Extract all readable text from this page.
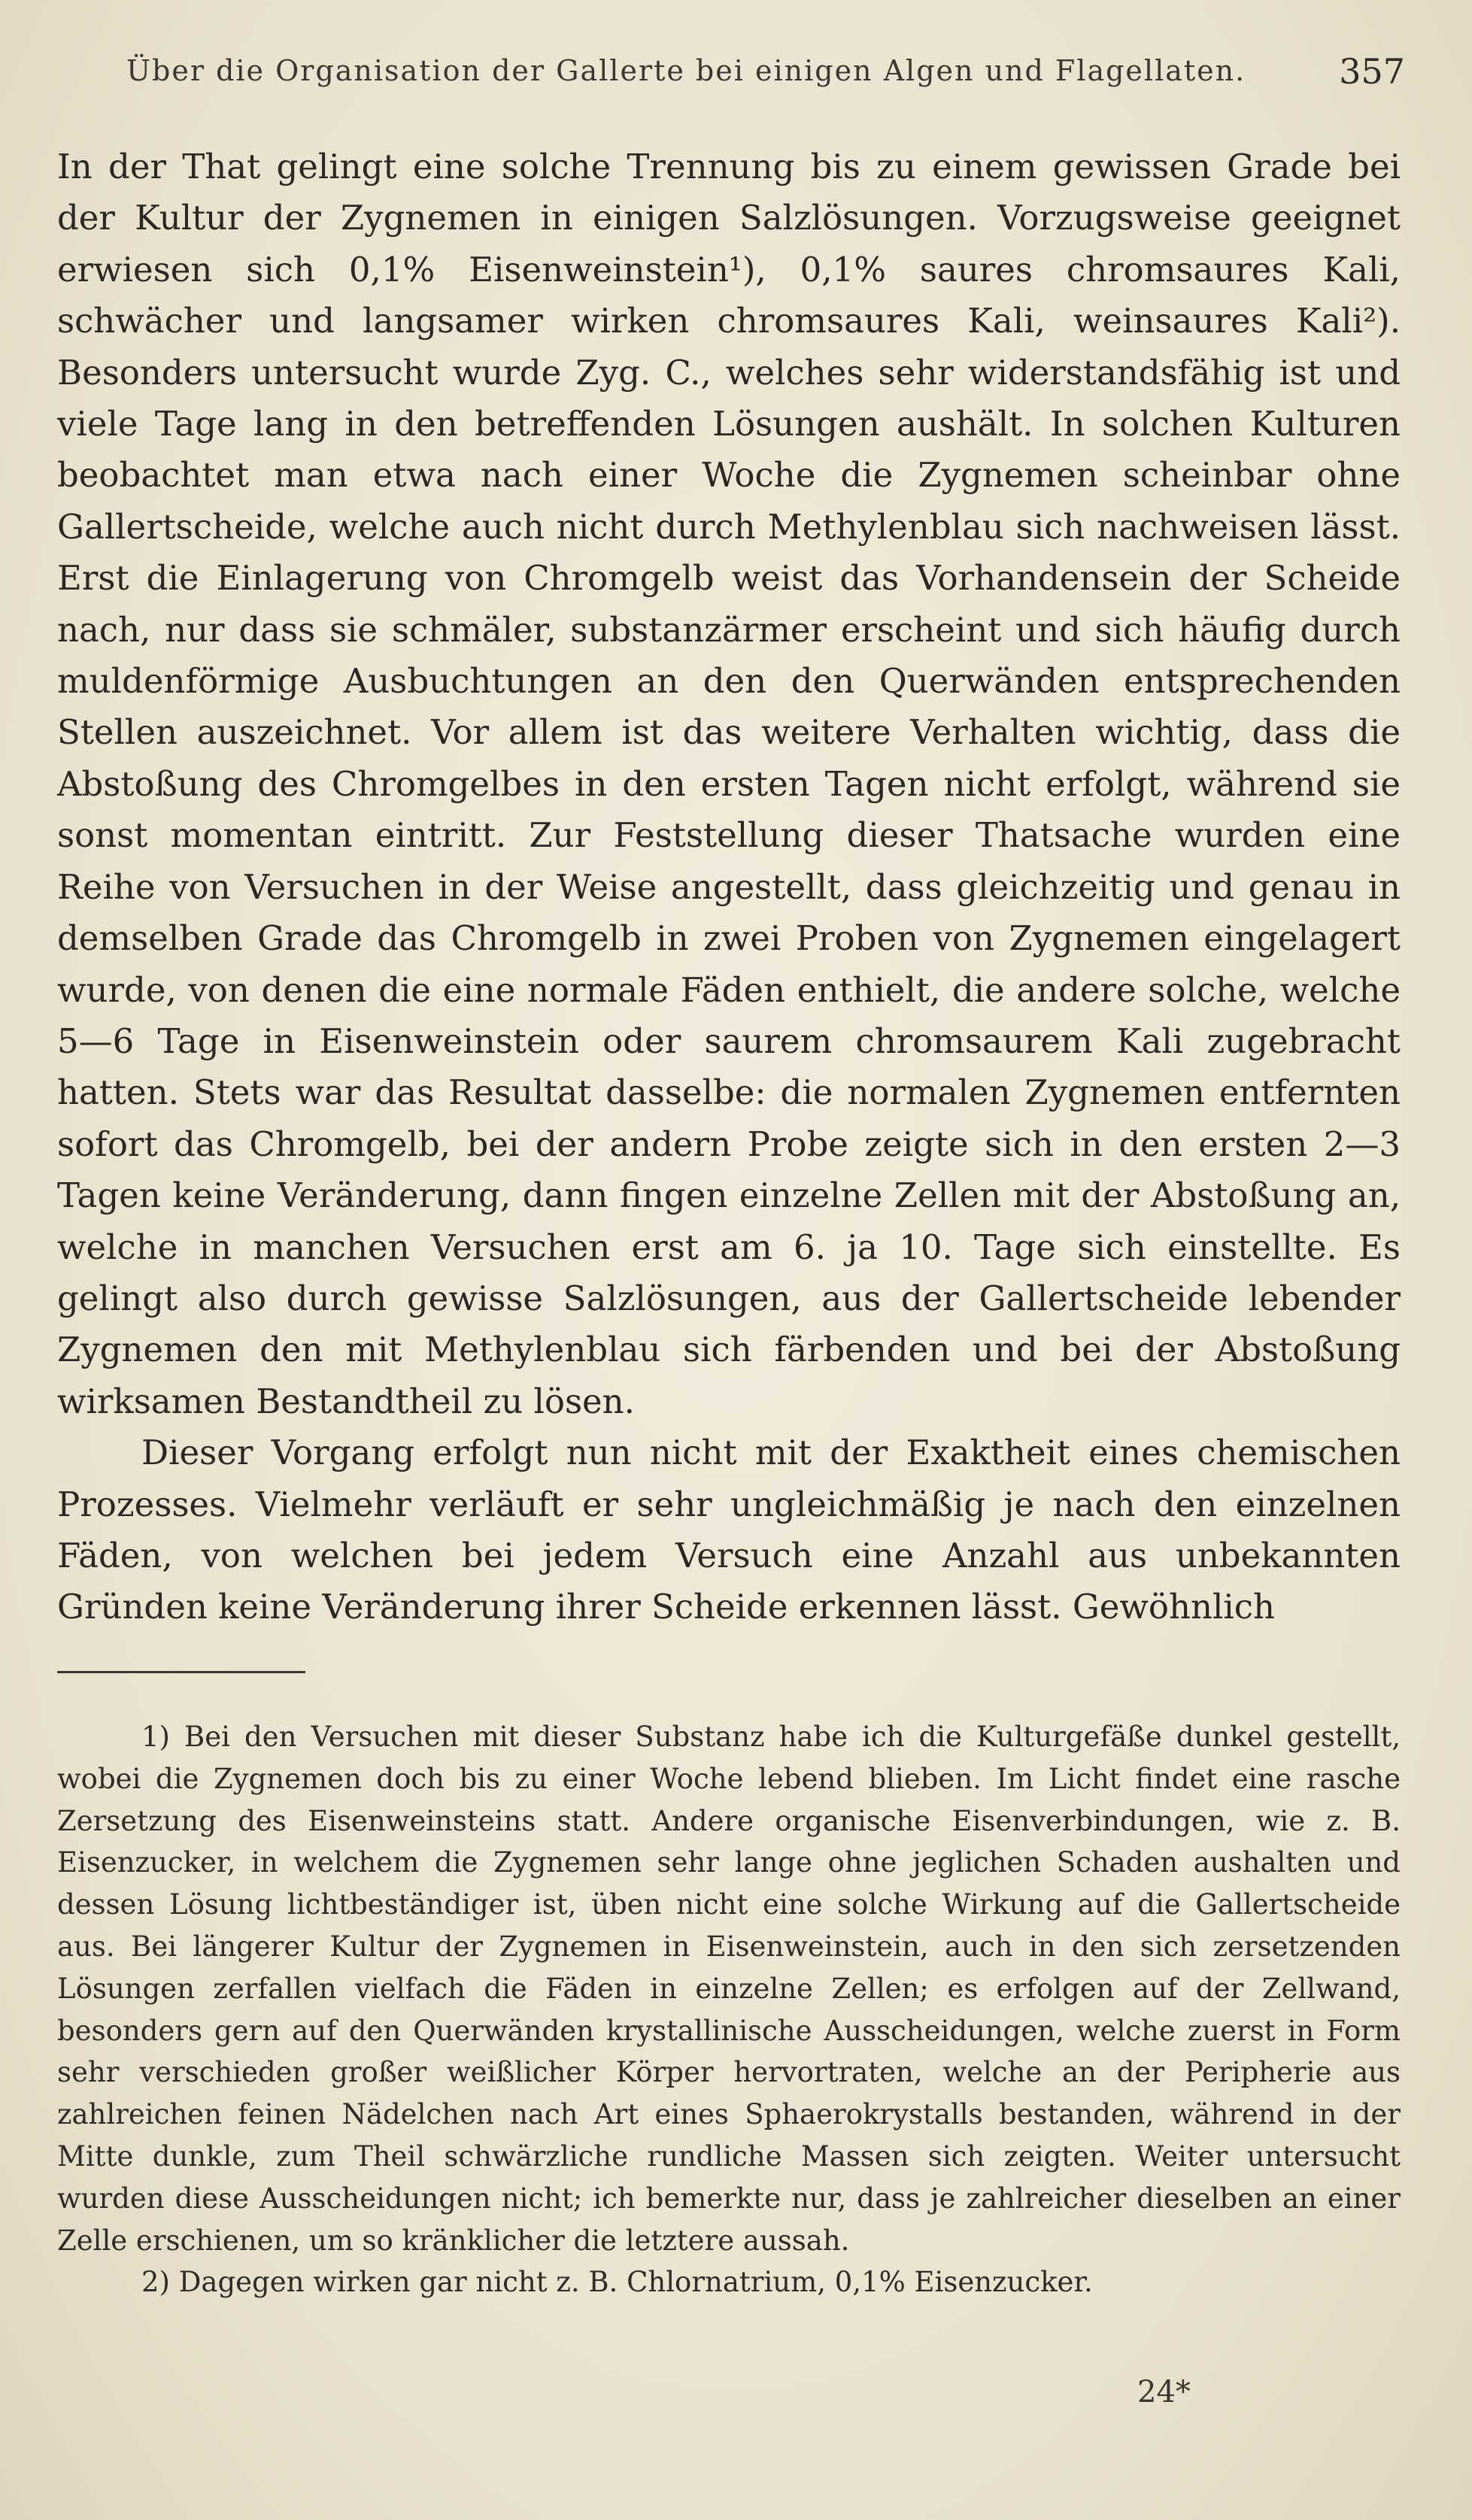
Über die Organisation der Gallerte bei einigen Algen und Flagellaten.	357

In der That gelingt eine solche Trennung bis zu einem gewissen Grade bei der Kultur der Zygnemen in einigen Salzlösungen. Vorzugsweise geeignet erwiesen sich 0,1% Eisenweinstein¹), 0,1% saures chromsaures Kali, schwächer und langsamer wirken chromsaures Kali, weinsaures Kali²). Besonders untersucht wurde Zyg. C., welches sehr widerstandsfähig ist und viele Tage lang in den betreffenden Lösungen aushält. In solchen Kulturen beobachtet man etwa nach einer Woche die Zygnemen scheinbar ohne Gallertscheide, welche auch nicht durch Methylenblau sich nachweisen lässt. Erst die Einlagerung von Chromgelb weist das Vorhandensein der Scheide nach, nur dass sie schmäler, substanzärmer erscheint und sich häufig durch muldenförmige Ausbuchtungen an den den Querwänden entsprechenden Stellen auszeichnet. Vor allem ist das weitere Verhalten wichtig, dass die Abstoßung des Chromgelbes in den ersten Tagen nicht erfolgt, während sie sonst momentan eintritt. Zur Feststellung dieser Thatsache wurden eine Reihe von Versuchen in der Weise angestellt, dass gleichzeitig und genau in demselben Grade das Chromgelb in zwei Proben von Zygnemen eingelagert wurde, von denen die eine normale Fäden enthielt, die andere solche, welche 5—6 Tage in Eisenweinstein oder saurem chromsaurem Kali zugebracht hatten. Stets war das Resultat dasselbe: die normalen Zygnemen entfernten sofort das Chromgelb, bei der andern Probe zeigte sich in den ersten 2—3 Tagen keine Veränderung, dann fingen einzelne Zellen mit der Abstoßung an, welche in manchen Versuchen erst am 6. ja 10. Tage sich einstellte. Es gelingt also durch gewisse Salzlösungen, aus der Gallertscheide lebender Zygnemen den mit Methylenblau sich färbenden und bei der Abstoßung wirksamen Bestandtheil zu lösen.

Dieser Vorgang erfolgt nun nicht mit der Exaktheit eines chemischen Prozesses. Vielmehr verläuft er sehr ungleichmäßig je nach den einzelnen Fäden, von welchen bei jedem Versuch eine Anzahl aus unbekannten Gründen keine Veränderung ihrer Scheide erkennen lässt. Gewöhnlich

1) Bei den Versuchen mit dieser Substanz habe ich die Kulturgefäße dunkel gestellt, wobei die Zygnemen doch bis zu einer Woche lebend blieben. Im Licht findet eine rasche Zersetzung des Eisenweinsteins statt. Andere organische Eisenverbindungen, wie z. B. Eisenzucker, in welchem die Zygnemen sehr lange ohne jeglichen Schaden aushalten und dessen Lösung lichtbeständiger ist, üben nicht eine solche Wirkung auf die Gallertscheide aus. Bei längerer Kultur der Zygnemen in Eisenweinstein, auch in den sich zersetzenden Lösungen zerfallen vielfach die Fäden in einzelne Zellen; es erfolgen auf der Zellwand, besonders gern auf den Querwänden krystallinische Ausscheidungen, welche zuerst in Form sehr verschieden großer weißlicher Körper hervortraten, welche an der Peripherie aus zahlreichen feinen Nädelchen nach Art eines Sphaerokrystalls bestanden, während in der Mitte dunkle, zum Theil schwärzliche rundliche Massen sich zeigten. Weiter untersucht wurden diese Ausscheidungen nicht; ich bemerkte nur, dass je zahlreicher dieselben an einer Zelle erschienen, um so kränklicher die letztere aussah.

2) Dagegen wirken gar nicht z. B. Chlornatrium, 0,1% Eisenzucker.

24*
